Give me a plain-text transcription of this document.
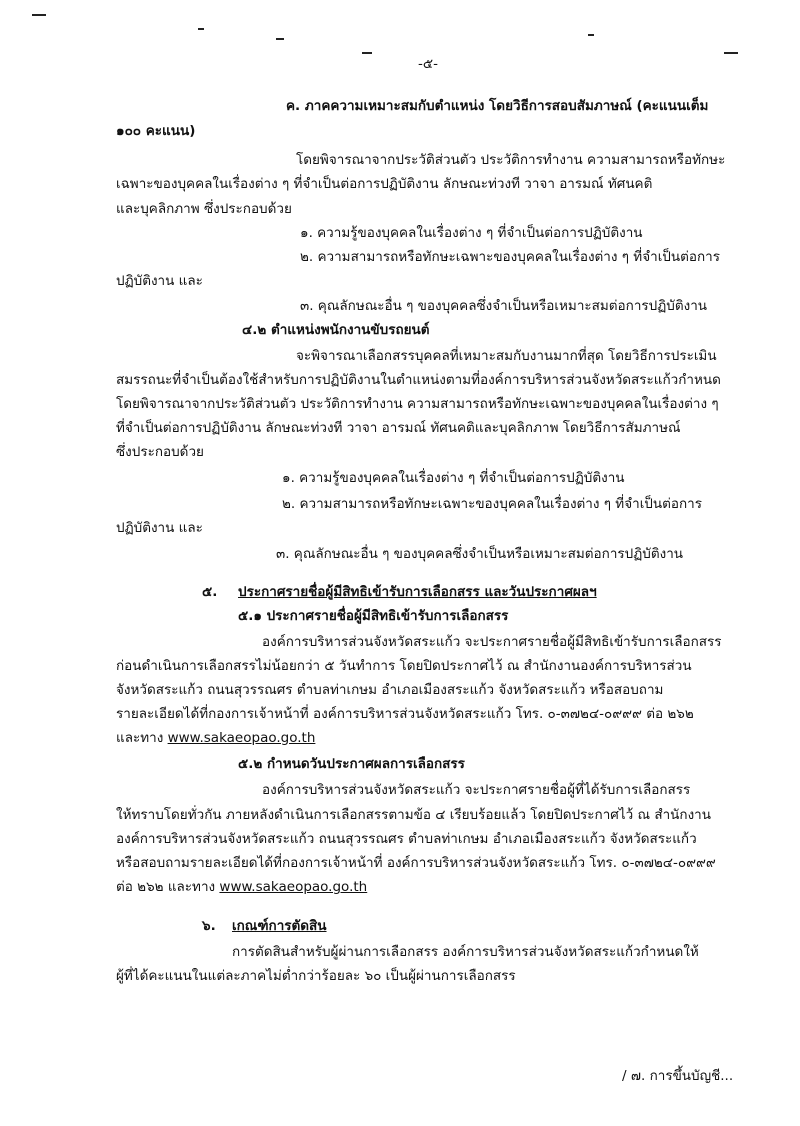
-๕-
ค. ภาคความเหมาะสมกับตำแหน่ง โดยวิธีการสอบสัมภาษณ์ (คะแนนเต็ม
๑๐๐ คะแนน)
โดยพิจารณาจากประวัติส่วนตัว ประวัติการทำงาน ความสามารถหรือทักษะ
เฉพาะของบุคคลในเรื่องต่าง ๆ ที่จำเป็นต่อการปฏิบัติงาน ลักษณะท่วงที วาจา อารมณ์ ทัศนคติ
และบุคลิกภาพ ซึ่งประกอบด้วย
๑. ความรู้ของบุคคลในเรื่องต่าง ๆ ที่จำเป็นต่อการปฏิบัติงาน
๒. ความสามารถหรือทักษะเฉพาะของบุคคลในเรื่องต่าง ๆ ที่จำเป็นต่อการ
ปฏิบัติงาน และ
๓. คุณลักษณะอื่น ๆ ของบุคคลซึ่งจำเป็นหรือเหมาะสมต่อการปฏิบัติงาน
๔.๒ ตำแหน่งพนักงานขับรถยนต์
จะพิจารณาเลือกสรรบุคคลที่เหมาะสมกับงานมากที่สุด โดยวิธีการประเมิน
สมรรถนะที่จำเป็นต้องใช้สำหรับการปฏิบัติงานในตำแหน่งตามที่องค์การบริหารส่วนจังหวัดสระแก้วกำหนด
โดยพิจารณาจากประวัติส่วนตัว ประวัติการทำงาน ความสามารถหรือทักษะเฉพาะของบุคคลในเรื่องต่าง ๆ
ที่จำเป็นต่อการปฏิบัติงาน ลักษณะท่วงที วาจา อารมณ์ ทัศนคติและบุคลิกภาพ โดยวิธีการสัมภาษณ์
ซึ่งประกอบด้วย
๑. ความรู้ของบุคคลในเรื่องต่าง ๆ ที่จำเป็นต่อการปฏิบัติงาน
๒. ความสามารถหรือทักษะเฉพาะของบุคคลในเรื่องต่าง ๆ ที่จำเป็นต่อการ
ปฏิบัติงาน และ
๓. คุณลักษณะอื่น ๆ ของบุคคลซึ่งจำเป็นหรือเหมาะสมต่อการปฏิบัติงาน
๕. ประกาศรายชื่อผู้มีสิทธิเข้ารับการเลือกสรร และวันประกาศผลฯ
๕.๑ ประกาศรายชื่อผู้มีสิทธิเข้ารับการเลือกสรร
องค์การบริหารส่วนจังหวัดสระแก้ว จะประกาศรายชื่อผู้มีสิทธิเข้ารับการเลือกสรร
ก่อนดำเนินการเลือกสรรไม่น้อยกว่า ๕ วันทำการ โดยปิดประกาศไว้ ณ สำนักงานองค์การบริหารส่วน
จังหวัดสระแก้ว ถนนสุวรรณศร ตำบลท่าเกษม อำเภอเมืองสระแก้ว จังหวัดสระแก้ว หรือสอบถาม
รายละเอียดได้ที่กองการเจ้าหน้าที่ องค์การบริหารส่วนจังหวัดสระแก้ว โทร. ๐-๓๗๒๔-๐๙๙๙ ต่อ ๒๖๒
และทาง www.sakaeopao.go.th
๕.๒ กำหนดวันประกาศผลการเลือกสรร
องค์การบริหารส่วนจังหวัดสระแก้ว จะประกาศรายชื่อผู้ที่ได้รับการเลือกสรร
ให้ทราบโดยทั่วกัน ภายหลังดำเนินการเลือกสรรตามข้อ ๔ เรียบร้อยแล้ว โดยปิดประกาศไว้ ณ สำนักงาน
องค์การบริหารส่วนจังหวัดสระแก้ว ถนนสุวรรณศร ตำบลท่าเกษม อำเภอเมืองสระแก้ว จังหวัดสระแก้ว
หรือสอบถามรายละเอียดได้ที่กองการเจ้าหน้าที่ องค์การบริหารส่วนจังหวัดสระแก้ว โทร. ๐-๓๗๒๔-๐๙๙๙
ต่อ ๒๖๒ และทาง www.sakaeopao.go.th
๖. เกณฑ์การตัดสิน
การตัดสินสำหรับผู้ผ่านการเลือกสรร องค์การบริหารส่วนจังหวัดสระแก้วกำหนดให้
ผู้ที่ได้คะแนนในแต่ละภาคไม่ต่ำกว่าร้อยละ ๖๐ เป็นผู้ผ่านการเลือกสรร
/ ๗. การขึ้นบัญชี...
